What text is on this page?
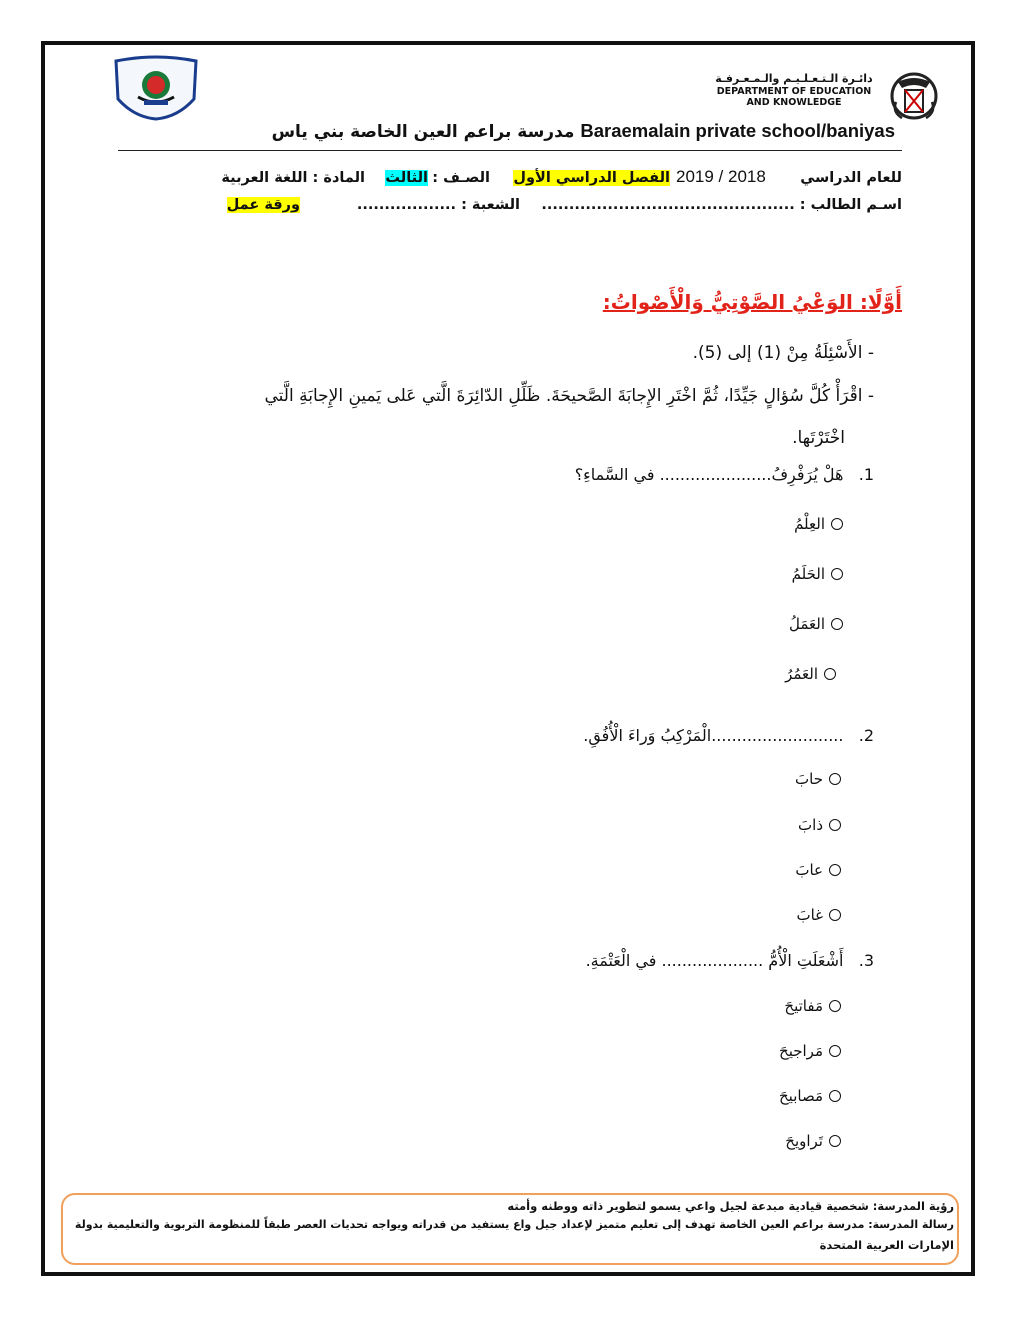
دائـرة الـتـعـلـيـم والـمـعـرفـة
DEPARTMENT OF EDUCATION
AND KNOWLEDGE
مدرسة براعم العين الخاصة بني ياس Baraemalain private school/baniyas
للعام الدراسي
2019 / 2018
الفصل الدراسي الأول
الصـف :
الثالث
المادة : اللغة العربية
اسـم الطالب : ..............................................
الشعبة : ..................
ورقة عمل
أَوَّلًا: الوَعْيُ الصَّوْتِيُّ وَالْأَصْواتُ:
- الأَسْئِلَةُ مِنْ (1) إلى (5).
- اقْرَأْ كُلَّ سُؤالٍ جَيِّدًا، ثُمَّ اخْتَرِ الإِجابَةَ الصَّحيحَةَ. ظَلِّلِ الدّائِرَةَ الَّتي عَلى يَمينِ الإِجابَةِ الَّتي
اخْتَرْتَها.
1.   هَلْ يُرَفْرِفُ...................... في السَّماءِ؟
العِلْمُ
الحَلَمُ
العَمَلُ
العَمُرُ
2.   ..........................الْمَرْكِبُ وَراءَ الْأُفُقِ.
حابَ
ذابَ
عابَ
غابَ
3.   أَشْعَلَتِ الْأُمُّ .................... في الْعَتْمَةِ.
مَفاتيحَ
مَراجيحَ
مَصابيحَ
تَراويحَ
رؤية المدرسة: شخصية قيادية مبدعة لجيل واعي يسمو لتطوير ذاته ووطنه وأمته
رسالة المدرسة: مدرسة براعم العين الخاصة تهدف إلى تعليم متميز لإعداد جيل واع يستفيد من قدراته ويواجه تحديات العصر طبقاً للمنظومة التربوية والتعليمية بدولة
الإمارات العربية المتحدة
